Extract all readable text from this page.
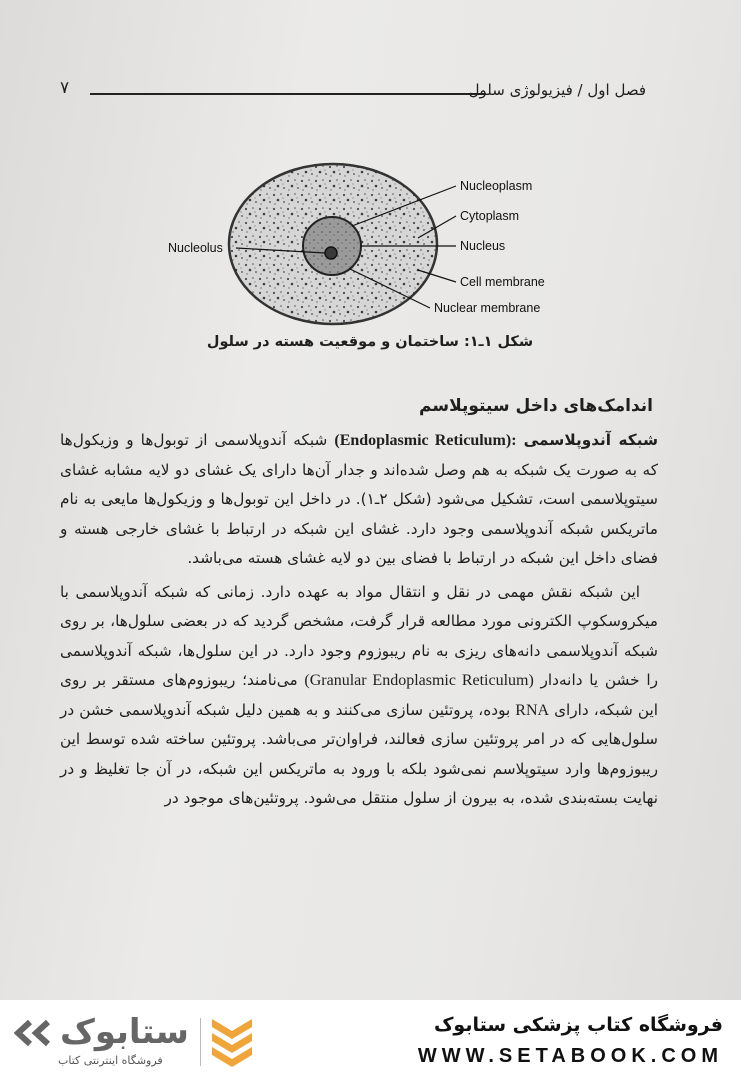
۷	فصل اول / فیزیولوژی سلول
Nucleoplasm
Cytoplasm
Nucleus
Nucleolus
Cell membrane
Nuclear membrane
شکل ۱ـ۱: ساختمان و موقعیت هسته در سلول
اندامک‌های داخل سیتوپلاسم

شبکه آندوپلاسمی (Endoplasmic Reticulum): شبکه آندوپلاسمی از توبول‌ها و وزیکول‌ها که به صورت یک شبکه به هم وصل شده‌اند و جدار آن‌ها دارای یک غشای دو لایه مشابه غشای سیتوپلاسمی است، تشکیل می‌شود (شکل ۲ـ۱). در داخل این توبول‌ها و وزیکول‌ها مایعی به نام ماتریکس شبکه آندوپلاسمی وجود دارد. غشای این شبکه در ارتباط با غشای خارجی هسته و فضای داخل این شبکه در ارتباط با فضای بین دو لایه غشای هسته می‌باشد.

این شبکه نقش مهمی در نقل و انتقال مواد به عهده دارد. زمانی که شبکه آندوپلاسمی با میکروسکوپ الکترونی مورد مطالعه قرار گرفت، مشخص گردید که در بعضی سلول‌ها، بر روی شبکه آندوپلاسمی دانه‌های ریزی به نام ریبوزوم وجود دارد. در این سلول‌ها، شبکه آندوپلاسمی را خشن یا دانه‌دار (Granular Endoplasmic Reticulum) می‌نامند؛ ریبوزوم‌های مستقر بر روی این شبکه، دارای RNA بوده، پروتئین سازی می‌کنند و به همین دلیل شبکه آندوپلاسمی خشن در سلول‌هایی که در امر پروتئین سازی فعالند، فراوان‌تر می‌باشد. پروتئین ساخته شده توسط این ریبوزوم‌ها وارد سیتوپلاسم نمی‌شود بلکه با ورود به ماتریکس این شبکه، در آن جا تغلیظ و در نهایت بسته‌بندی شده، به بیرون از سلول منتقل می‌شود. پروتئین‌های موجود در

ستابوک
فروشگاه اینترنتی کتاب
فروشگاه کتاب پزشکی ستابوک
WWW.SETABOOK.COM
